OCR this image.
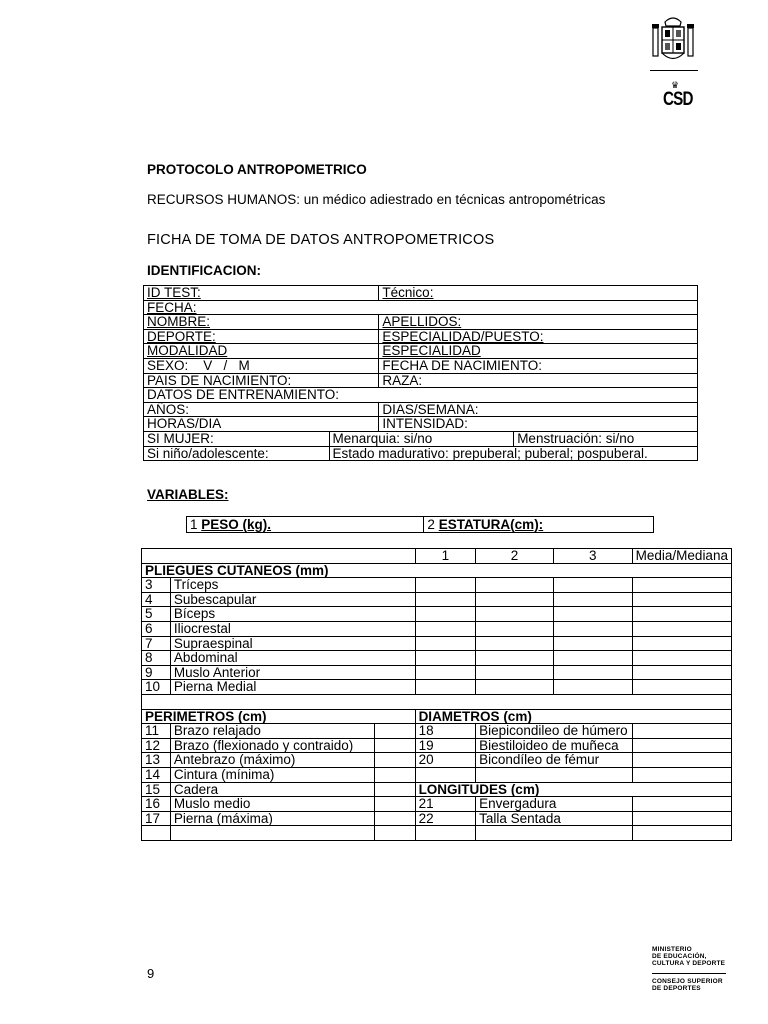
♛
CSD
PROTOCOLO ANTROPOMETRICO
RECURSOS HUMANOS: un médico adiestrado en técnicas antropométricas
FICHA DE TOMA DE DATOS ANTROPOMETRICOS
IDENTIFICACION:
ID TEST:		Técnico:	
FECHA:			
NOMBRE:		APELLIDOS:	
DEPORTE:		ESPECIALIDAD/PUESTO:	
MODALIDAD		ESPECIALIDAD	
SEXO:    V   /   M		FECHA DE NACIMIENTO:	
PAIS DE NACIMIENTO:		RAZA:	
DATOS DE ENTRENAMIENTO:			
AÑOS:		DIAS/SEMANA:	
HORAS/DIA		INTENSIDAD:	
SI MUJER:	Menarquia: si/no		Menstruación: si/no
Si niño/adolescente:	Estado madurativo: prepuberal; puberal; pospuberal.		
VARIABLES:
1 PESO (kg).	2 ESTATURA(cm):
			1	2	3	Media/Mediana
PLIEGUES CUTANEOS (mm)						
3	Tríceps					
4	Subescapular					
5	Bíceps					
6	Iliocrestal					
7	Supraespinal					
8	Abdominal					
9	Muslo Anterior					
10	Pierna Medial					

PERIMETROS (cm)			DIAMETROS (cm)			
11	Brazo relajado		18	Biepicondileo de húmero		
12	Brazo (flexionado y contraido)		19	Biestiloideo de muñeca		
13	Antebrazo (máximo)		20	Bicondíleo de fémur		
14	Cintura (mínima)					
15	Cadera		LONGITUDES (cm)			
16	Muslo medio		21	Envergadura		
17	Pierna (máxima)		22	Talla Sentada		

9
MINISTERIO
DE EDUCACIÓN,
CULTURA Y DEPORTE
CONSEJO SUPERIOR
DE DEPORTES
